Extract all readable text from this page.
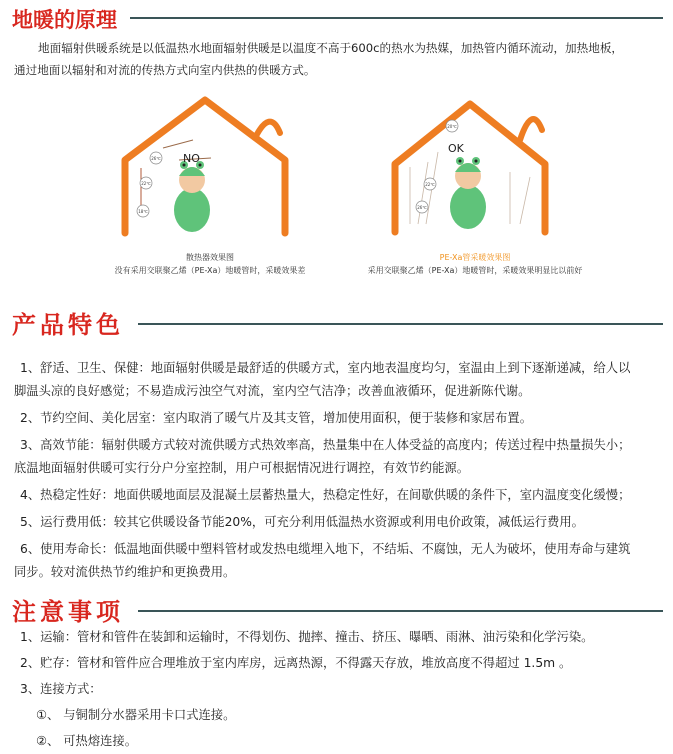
地暖的原理
地面辐射供暖系统是以低温热水地面辐射供暖是以温度不高于600c的热水为热媒，加热管内循环流动，加热地板，
通过地面以辐射和对流的传热方式向室内供热的供暖方式。
26℃
22℃
18℃
NO
散热器效果图
没有采用交联聚乙烯（PE-Xa）地暖管时，采暖效果差
20℃
22℃
26℃
OK
PE-Xa管采暖效果图
采用交联聚乙烯（PE-Xa）地暖管时，采暖效果明显比以前好
产品特色
1、舒适、卫生、保健：地面辐射供暖是最舒适的供暖方式，室内地表温度均匀，室温由上到下逐渐递减，给人以
脚温头凉的良好感觉；不易造成污浊空气对流，室内空气洁净；改善血液循环，促进新陈代谢。
2、节约空间、美化居室：室内取消了暖气片及其支管，增加使用面积，便于装修和家居布置。
3、高效节能：辐射供暖方式较对流供暖方式热效率高，热量集中在人体受益的高度内；传送过程中热量损失小；
底温地面辐射供暖可实行分户分室控制，用户可根据情况进行调控，有效节约能源。
4、热稳定性好：地面供暖地面层及混凝土层蓄热量大，热稳定性好，在间歇供暖的条件下，室内温度变化缓慢；
5、运行费用低：较其它供暖设备节能20%，可充分利用低温热水资源或利用电价政策，减低运行费用。
6、使用寿命长：低温地面供暖中塑料管材或发热电缆埋入地下，不结垢、不腐蚀，无人为破坏，使用寿命与建筑
同步。较对流供热节约维护和更换费用。
注意事项
1、运输：管材和管件在装卸和运输时，不得划伤、抛摔、撞击、挤压、曝晒、雨淋、油污染和化学污染。
2、贮存：管材和管件应合理堆放于室内库房，远离热源，不得露天存放，堆放高度不得超过 1.5m 。
3、连接方式：
①、 与铜制分水器采用卡口式连接。
②、 可热熔连接。
